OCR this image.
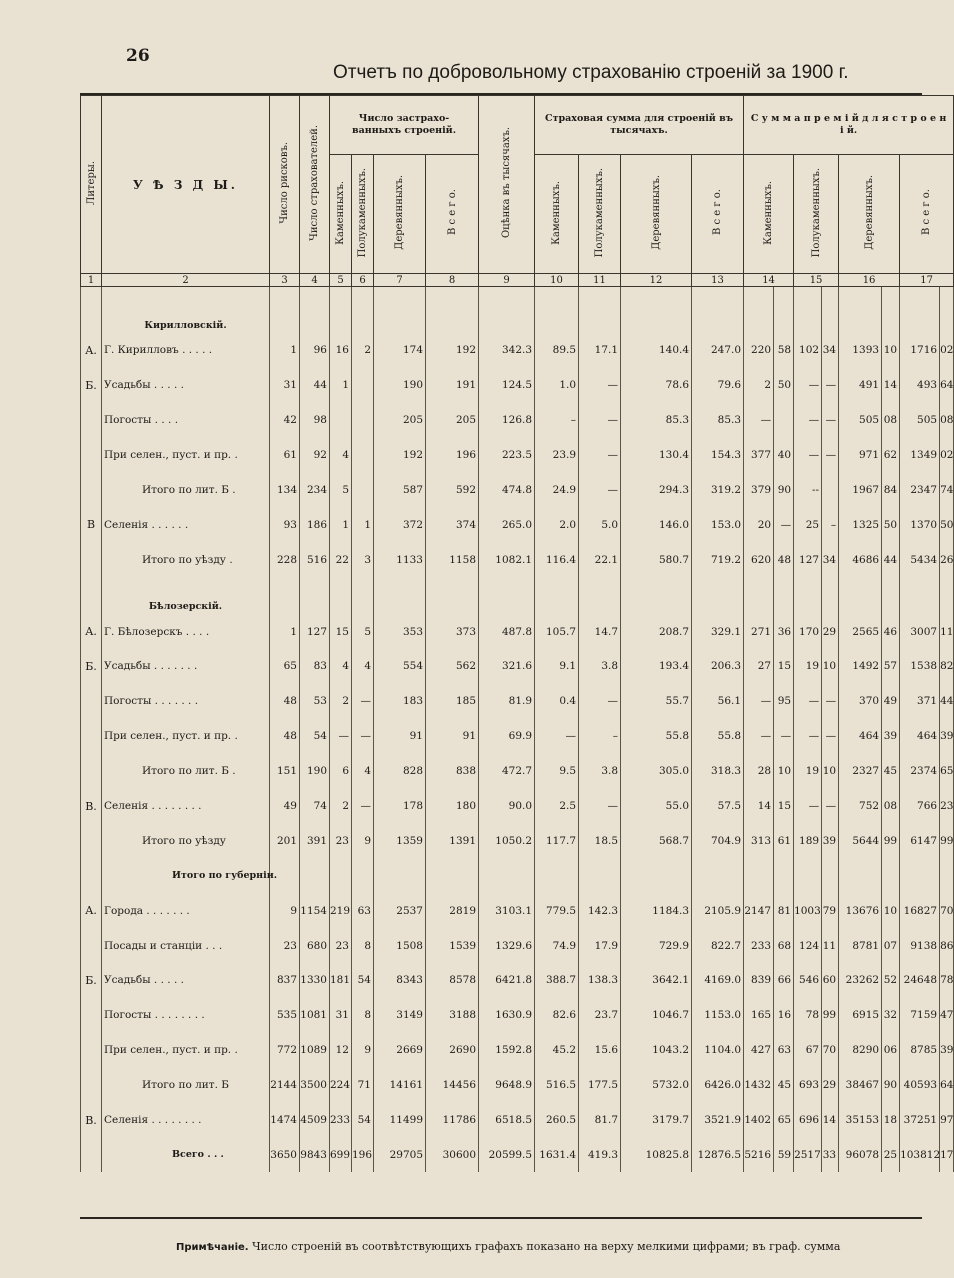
26
Отчетъ по добровольному страхованію строеній за 1900 г.
Литеры.	У Ѣ З Д Ы.	Число рисковъ.	Число страхователей.	Число застрахо- ванныхъ строеній.				Оцѣнка въ тысячахъ.	Страховая сумма для строеній въ тысячахъ.				С у м м а п р е м і й д л я с т р о е н і й.							

				Каменныхъ.	Полукаменныхъ.	Деревянныхъ.	В с е г о.		Каменныхъ.	Полукаменныхъ.	Деревянныхъ.	В с е г о.	Каменныхъ.		Полукаменныхъ.		Деревянныхъ.		В с е г о.	
1	2	3	4	5	6	7	8	9	10	11	12	13	14		15		16		17	
	Кирилловскій.																			
А.	Г. Кирилловъ . . . . .	1	96	16	2	174	192	342.3	89.5	17.1	140.4	247.0	220	58	102	34	1393	10	1716	02
Б.	Усадьбы . . . . .	31	44	1		190	191	124.5	1.0	—	78.6	79.6	2	50	—	—	491	14	493	64
	Погосты . . . .	42	98			205	205	126.8	–	—	85.3	85.3	—		—	—	505	08	505	08
	При селен., пуст. и пр. .	61	92	4		192	196	223.5	23.9	—	130.4	154.3	377	40	—	—	971	62	1349	02
	Итого по лит. Б .	134	234	5		587	592	474.8	24.9	—	294.3	319.2	379	90	--		1967	84	2347	74
В	Селенія . . . . . .	93	186	1	1	372	374	265.0	2.0	5.0	146.0	153.0	20	—	25	–	1325	50	1370	50
	Итого по уѣзду .	228	516	22	3	1133	1158	1082.1	116.4	22.1	580.7	719.2	620	48	127	34	4686	44	5434	26
	Бѣлозерскій.																			
А.	Г. Бѣлозерскъ . . . .	1	127	15	5	353	373	487.8	105.7	14.7	208.7	329.1	271	36	170	29	2565	46	3007	11
Б.	Усадьбы . . . . . . .	65	83	4	4	554	562	321.6	9.1	3.8	193.4	206.3	27	15	19	10	1492	57	1538	82
	Погосты . . . . . . .	48	53	2	—	183	185	81.9	0.4	—	55.7	56.1	—	95	—	—	370	49	371	44
	При селен., пуст. и пр. .	48	54	—	—	91	91	69.9	—	–	55.8	55.8	—	—	—	—	464	39	464	39
	Итого по лит. Б .	151	190	6	4	828	838	472.7	9.5	3.8	305.0	318.3	28	10	19	10	2327	45	2374	65
В.	Селенія . . . . . . . .	49	74	2	—	178	180	90.0	2.5	—	55.0	57.5	14	15	—	—	752	08	766	23
	Итого по уѣзду	201	391	23	9	1359	1391	1050.2	117.7	18.5	568.7	704.9	313	61	189	39	5644	99	6147	99
	Итого по губерніи.																			
А.	Города . . . . . . .	9	1154	219	63	2537	2819	3103.1	779.5	142.3	1184.3	2105.9	2147	81	1003	79	13676	10	16827	70
	Посады и станціи . . .	23	680	23	8	1508	1539	1329.6	74.9	17.9	729.9	822.7	233	68	124	11	8781	07	9138	86
Б.	Усадьбы . . . . .	837	1330	181	54	8343	8578	6421.8	388.7	138.3	3642.1	4169.0	839	66	546	60	23262	52	24648	78
	Погосты . . . . . . . .	535	1081	31	8	3149	3188	1630.9	82.6	23.7	1046.7	1153.0	165	16	78	99	6915	32	7159	47
	При селен., пуст. и пр. .	772	1089	12	9	2669	2690	1592.8	45.2	15.6	1043.2	1104.0	427	63	67	70	8290	06	8785	39
	Итого по лит. Б	2144	3500	224	71	14161	14456	9648.9	516.5	177.5	5732.0	6426.0	1432	45	693	29	38467	90	40593	64
В.	Селенія . . . . . . . .	1474	4509	233	54	11499	11786	6518.5	260.5	81.7	3179.7	3521.9	1402	65	696	14	35153	18	37251	97
	Всего . . .	3650	9843	699	196	29705	30600	20599.5	1631.4	419.3	10825.8	12876.5	5216	59	2517	33	96078	25	103812	17
Примѣчаніе. Число строеній въ соотвѣтствующихъ графахъ показано на верху мелкими цифрами; въ граф. сумма
